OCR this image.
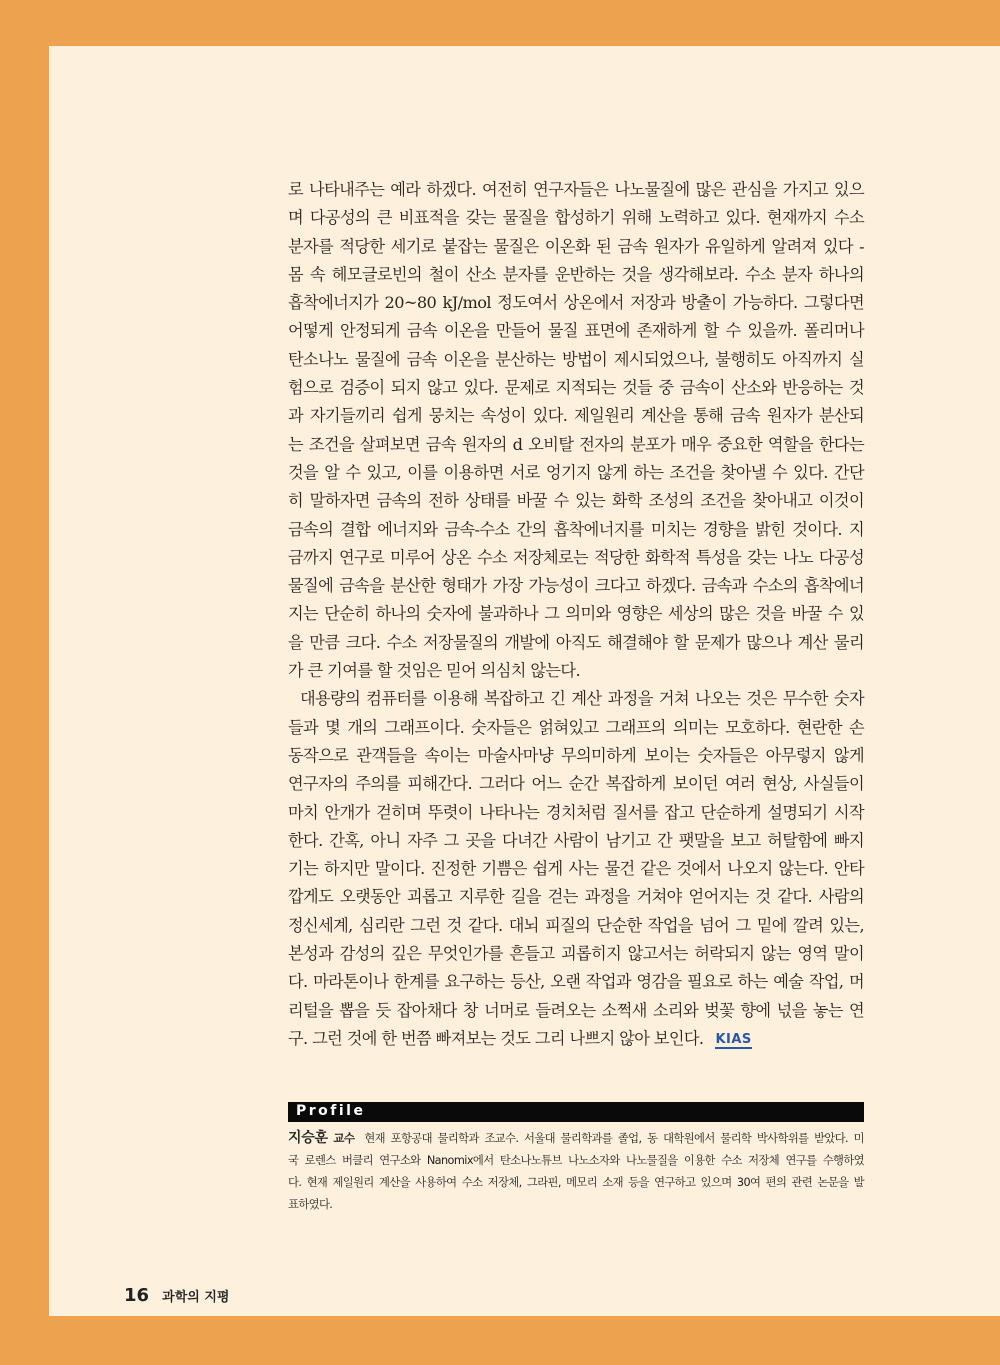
로 나타내주는 예라 하겠다. 여전히 연구자들은 나노물질에 많은 관심을 가지고 있으

며 다공성의 큰 비표적을 갖는 물질을 합성하기 위해 노력하고 있다. 현재까지 수소

분자를 적당한 세기로 붙잡는 물질은 이온화 된 금속 원자가 유일하게 알려져 있다 -

몸 속 헤모글로빈의 철이 산소 분자를 운반하는 것을 생각해보라. 수소 분자 하나의

흡착에너지가 20~80 kJ/mol 정도여서 상온에서 저장과 방출이 가능하다. 그렇다면

어떻게 안정되게 금속 이온을 만들어 물질 표면에 존재하게 할 수 있을까. 폴리머나

탄소나노 물질에 금속 이온을 분산하는 방법이 제시되었으나, 불행히도 아직까지 실

험으로 검증이 되지 않고 있다. 문제로 지적되는 것들 중 금속이 산소와 반응하는 것

과 자기들끼리 쉽게 뭉치는 속성이 있다. 제일원리 계산을 통해 금속 원자가 분산되

는 조건을 살펴보면 금속 원자의 d 오비탈 전자의 분포가 매우 중요한 역할을 한다는

것을 알 수 있고, 이를 이용하면 서로 엉기지 않게 하는 조건을 찾아낼 수 있다. 간단

히 말하자면 금속의 전하 상태를 바꿀 수 있는 화학 조성의 조건을 찾아내고 이것이

금속의 결합 에너지와 금속-수소 간의 흡착에너지를 미치는 경향을 밝힌 것이다. 지

금까지 연구로 미루어 상온 수소 저장체로는 적당한 화학적 특성을 갖는 나노 다공성

물질에 금속을 분산한 형태가 가장 가능성이 크다고 하겠다. 금속과 수소의 흡착에너

지는 단순히 하나의 숫자에 불과하나 그 의미와 영향은 세상의 많은 것을 바꿀 수 있

을 만큼 크다. 수소 저장물질의 개발에 아직도 해결해야 할 문제가 많으나 계산 물리

가 큰 기여를 할 것임은 믿어 의심치 않는다.

대용량의 컴퓨터를 이용해 복잡하고 긴 계산 과정을 거쳐 나오는 것은 무수한 숫자

들과 몇 개의 그래프이다. 숫자들은 얽혀있고 그래프의 의미는 모호하다. 현란한 손

동작으로 관객들을 속이는 마술사마냥 무의미하게 보이는 숫자들은 아무렇지 않게

연구자의 주의를 피해간다. 그러다 어느 순간 복잡하게 보이던 여러 현상, 사실들이

마치 안개가 걷히며 뚜렷이 나타나는 경치처럼 질서를 잡고 단순하게 설명되기 시작

한다. 간혹, 아니 자주 그 곳을 다녀간 사람이 남기고 간 팻말을 보고 허탈함에 빠지

기는 하지만 말이다. 진정한 기쁨은 쉽게 사는 물건 같은 것에서 나오지 않는다. 안타

깝게도 오랫동안 괴롭고 지루한 길을 걷는 과정을 거쳐야 얻어지는 것 같다. 사람의

정신세계, 심리란 그런 것 같다. 대뇌 피질의 단순한 작업을 넘어 그 밑에 깔려 있는,

본성과 감성의 깊은 무엇인가를 흔들고 괴롭히지 않고서는 허락되지 않는 영역 말이

다. 마라톤이나 한계를 요구하는 등산, 오랜 작업과 영감을 필요로 하는 예술 작업, 머

리털을 뽑을 듯 잡아채다 창 너머로 들려오는 소쩍새 소리와 벚꽃 향에 넋을 놓는 연

구. 그런 것에 한 번쯤 빠져보는 것도 그리 나쁘지 않아 보인다. KIAS

Profile

지승훈 교수 현재 포항공대 물리학과 조교수. 서울대 물리학과를 졸업, 동 대학원에서 물리학 박사학위를 받았다. 미

국 로렌스 버클리 연구소와 Nanomix에서 탄소나노튜브 나노소자와 나노물질을 이용한 수소 저장체 연구를 수행하였

다. 현재 제일원리 계산을 사용하여 수소 저장체, 그라핀, 메모리 소재 등을 연구하고 있으며 30여 편의 관련 논문을 발

표하였다.

16 과학의 지평
